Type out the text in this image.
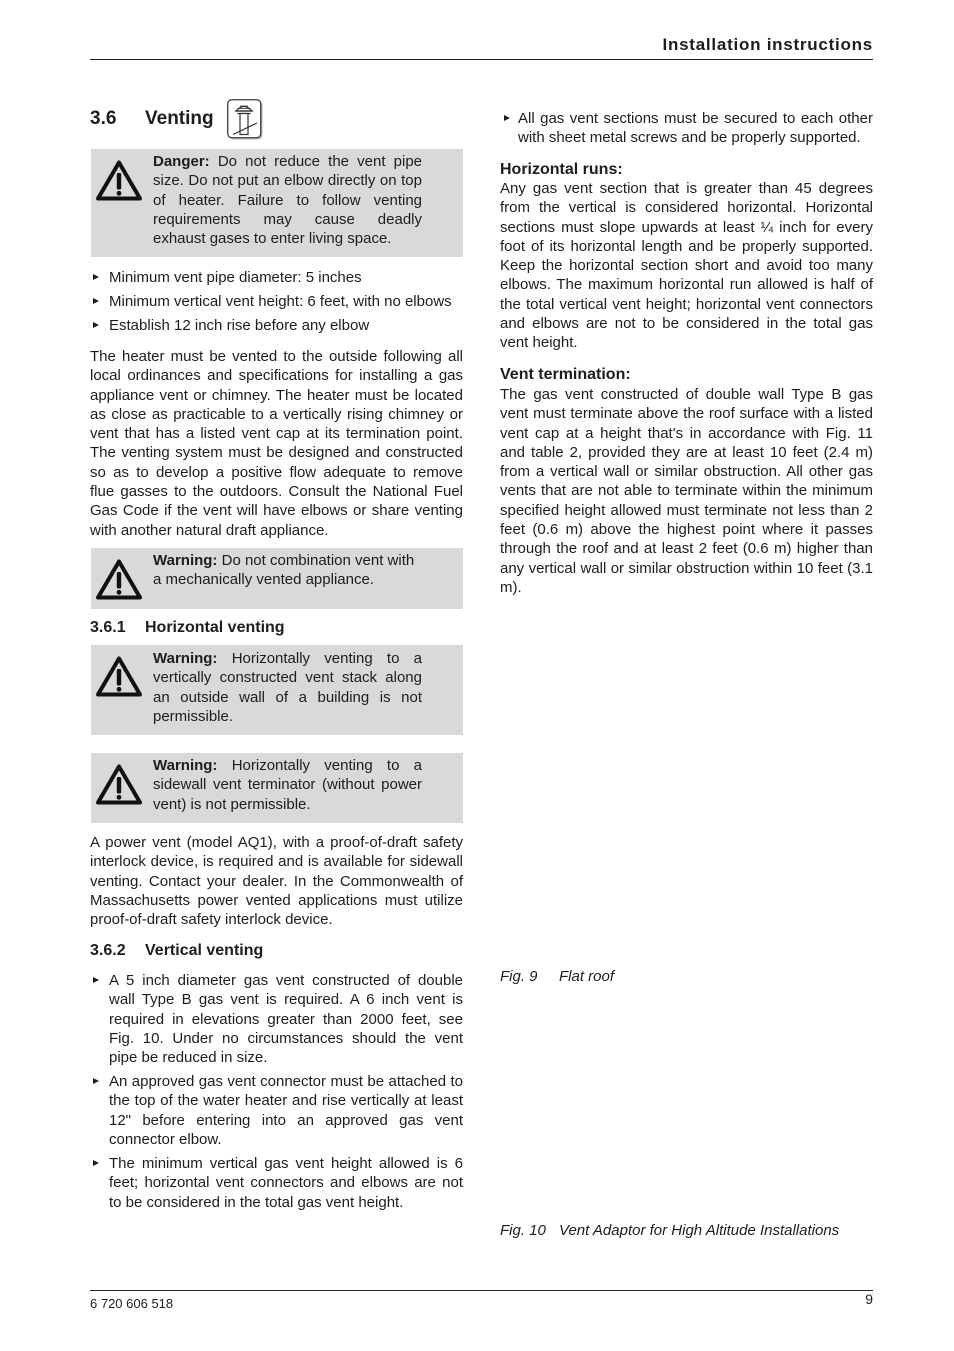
Installation instructions
3.6 Venting
Danger: Do not reduce the vent pipe size. Do not put an elbow directly on top of heater. Failure to follow venting requirements may cause deadly exhaust gases to enter living space.
Minimum vent pipe diameter: 5 inches
Minimum vertical vent height: 6 feet, with no elbows
Establish 12 inch rise before any elbow
The heater must be vented to the outside following all local ordinances and specifications for installing a gas appliance vent or chimney. The heater must be located as close as practicable to a vertically rising chimney or vent that has a listed vent cap at its termination point. The venting system must be designed and constructed so as to develop a positive flow adequate to remove flue gasses to the outdoors. Consult the National Fuel Gas Code if the vent will have elbows or share venting with another natural draft appliance.
Warning: Do not combination vent with a mechanically vented appliance.
3.6.1 Horizontal venting
Warning: Horizontally venting to a vertically constructed vent stack along an outside wall of a building is not permissible.
Warning: Horizontally venting to a sidewall vent terminator (without power vent) is not permissible.
A power vent (model AQ1), with a proof-of-draft safety interlock device, is required and is available for sidewall venting. Contact your dealer. In the Commonwealth of Massachusetts power vented applications must utilize proof-of-draft safety interlock device.
3.6.2 Vertical venting
A 5 inch diameter gas vent constructed of double wall Type B gas vent is required. A 6 inch vent is required in elevations greater than 2000 feet, see Fig. 10. Under no circumstances should the vent pipe be reduced in size.
An approved gas vent connector must be attached to the top of the water heater and rise vertically at least 12" before entering into an approved gas vent connector elbow.
The minimum vertical gas vent height allowed is 6 feet; horizontal vent connectors and elbows are not to be considered in the total gas vent height.
All gas vent sections must be secured to each other with sheet metal screws and be properly supported.
Horizontal runs:
Any gas vent section that is greater than 45 degrees from the vertical is considered horizontal. Horizontal sections must slope upwards at least ¼ inch for every foot of its horizontal length and be properly supported. Keep the horizontal section short and avoid too many elbows. The maximum horizontal run allowed is half of the total vertical vent height; horizontal vent connectors and elbows are not to be considered in the total gas vent height.
Vent termination:
The gas vent constructed of double wall Type B gas vent must terminate above the roof surface with a listed vent cap at a height that's in accordance with Fig. 11 and table 2, provided they are at least 10 feet (2.4 m) from a vertical wall or similar obstruction. All other gas vents that are not able to terminate within the minimum specified height allowed must terminate not less than 2 feet (0.6 m) above the highest point where it passes through the roof and at least 2 feet (0.6 m) higher than any vertical wall or similar obstruction within 10 feet (3.1 m).
Fig. 9 Flat roof
Fig. 10 Vent Adaptor for High Altitude Installations
6 720 606 518	9
